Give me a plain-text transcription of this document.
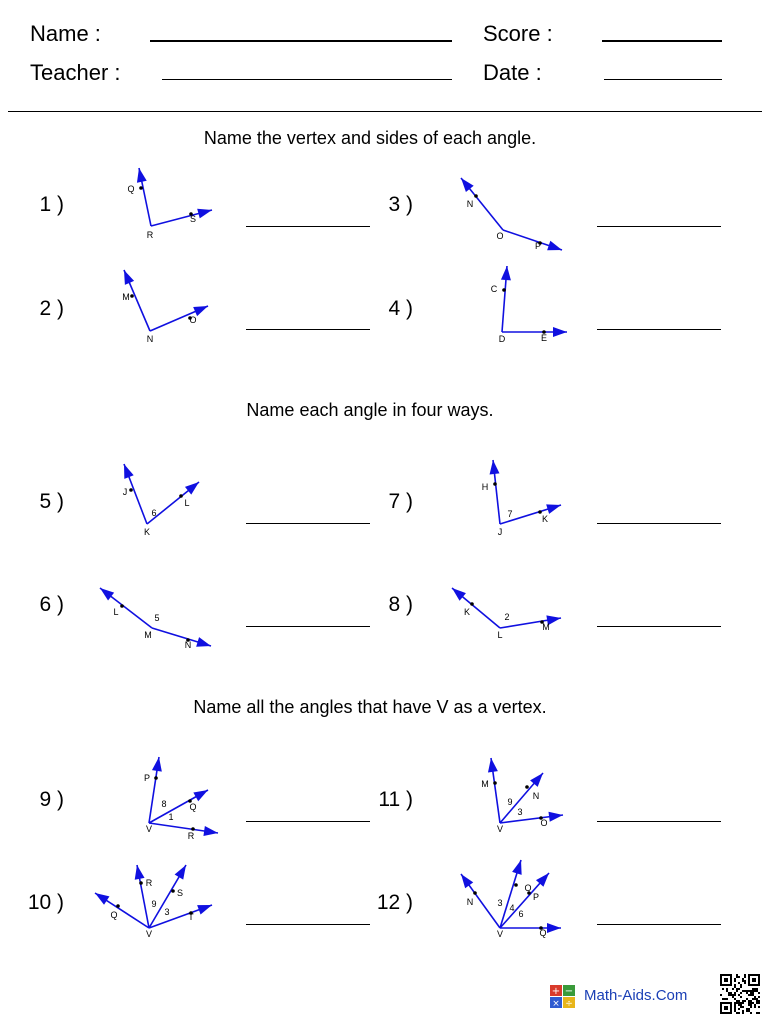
Name :
Teacher :
Score :
Date :
Name the vertex and sides of each angle.
Name each angle in four ways.
Name all the angles that have V as a vertex.
1 )
2 )
3 )
4 )
5 )
6 )
7 )
8 )
9 )
10 )
11 )
12 )
Q
R
S
M
N
O
N
O
P
C
D	E
J
K
L
6
L
M
N
5
H
J
K
7
K
L
M
2
P
Q
R
V
8
1
Q
R
S
T
V
9
3
M
N
O
V
9
3
N
O
P
Q
V
3 4
6
+ −
× ÷ Math-Aids.Com
